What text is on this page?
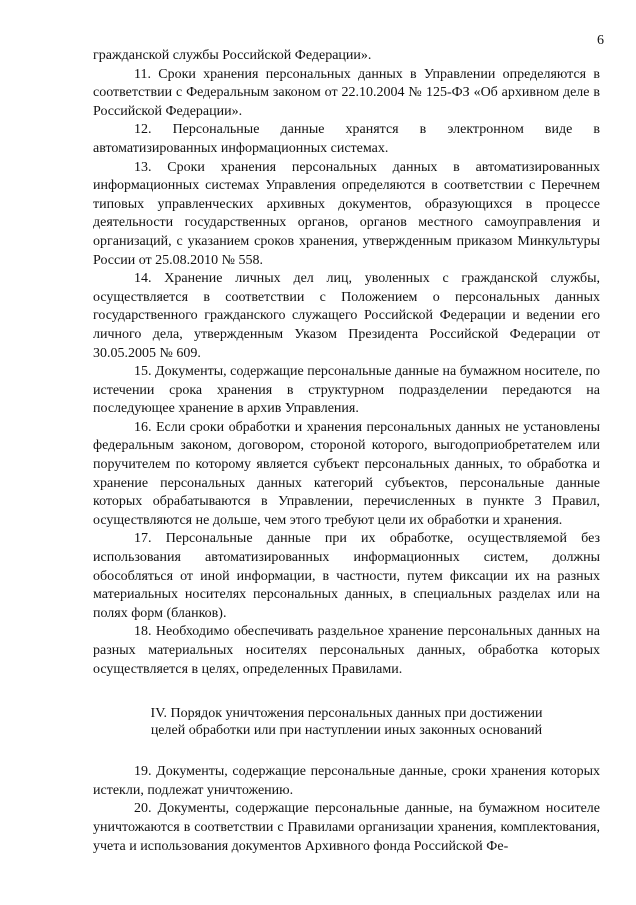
6

гражданской службы Российской Федерации».

11. Сроки хранения персональных данных в Управлении определяются в соответствии с Федеральным законом от 22.10.2004 № 125-ФЗ «Об архивном деле в Российской Федерации».

12. Персональные данные хранятся в электронном виде в автоматизированных информационных системах.

13. Сроки хранения персональных данных в автоматизированных информационных системах Управления определяются в соответствии с Перечнем типовых управленческих архивных документов, образующихся в процессе деятельности государственных органов, органов местного самоуправления и организаций, с указанием сроков хранения, утвержденным приказом Минкультуры России от 25.08.2010 № 558.

14. Хранение личных дел лиц, уволенных с гражданской службы, осуществляется в соответствии с Положением о персональных данных государственного гражданского служащего Российской Федерации и ведении его личного дела, утвержденным Указом Президента Российской Федерации от 30.05.2005 № 609.

15. Документы, содержащие персональные данные на бумажном носителе, по истечении срока хранения в структурном подразделении передаются на последующее хранение в архив Управления.

16. Если сроки обработки и хранения персональных данных не установлены федеральным законом, договором, стороной которого, выгодоприобретателем или поручителем по которому является субъект персональных данных, то обработка и хранение персональных данных категорий субъектов, персональные данные которых обрабатываются в Управлении, перечисленных в пункте 3 Правил, осуществляются не дольше, чем этого требуют цели их обработки и хранения.

17. Персональные данные при их обработке, осуществляемой без использования автоматизированных информационных систем, должны обособляться от иной информации, в частности, путем фиксации их на разных материальных носителях персональных данных, в специальных разделах или на полях форм (бланков).

18. Необходимо обеспечивать раздельное хранение персональных данных на разных материальных носителях персональных данных, обработка которых осуществляется в целях, определенных Правилами.

IV. Порядок уничтожения персональных данных при достижении
целей обработки или при наступлении иных законных оснований

19. Документы, содержащие персональные данные, сроки хранения которых истекли, подлежат уничтожению.

20. Документы, содержащие персональные данные, на бумажном носителе уничтожаются в соответствии с Правилами организации хранения, комплектования, учета и использования документов Архивного фонда Российской Фе-
